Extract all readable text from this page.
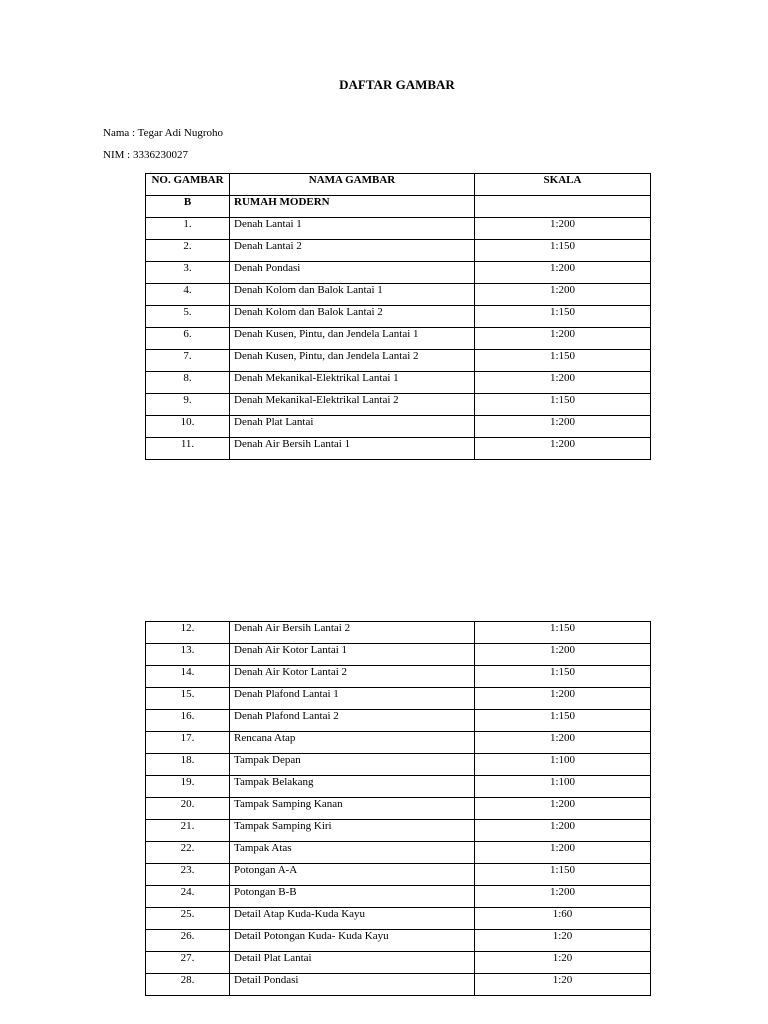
DAFTAR GAMBAR
Nama : Tegar Adi Nugroho
NIM : 3336230027
NO. GAMBAR	NAMA GAMBAR	SKALA
B	RUMAH MODERN	
1.	Denah Lantai 1	1:200
2.	Denah Lantai 2	1:150
3.	Denah Pondasi	1:200
4.	Denah Kolom dan Balok Lantai 1	1:200
5.	Denah Kolom dan Balok Lantai 2	1:150
6.	Denah Kusen, Pintu, dan Jendela Lantai 1	1:200
7.	Denah Kusen, Pintu, dan Jendela Lantai 2	1:150
8.	Denah Mekanikal-Elektrikal Lantai 1	1:200
9.	Denah Mekanikal-Elektrikal Lantai 2	1:150
10.	Denah Plat Lantai	1:200
11.	Denah Air Bersih Lantai 1	1:200
12.	Denah Air Bersih Lantai 2	1:150
13.	Denah Air Kotor Lantai 1	1:200
14.	Denah Air Kotor Lantai 2	1:150
15.	Denah Plafond Lantai 1	1:200
16.	Denah Plafond Lantai 2	1:150
17.	Rencana Atap	1:200
18.	Tampak Depan	1:100
19.	Tampak Belakang	1:100
20.	Tampak Samping Kanan	1:200
21.	Tampak Samping Kiri	1:200
22.	Tampak Atas	1:200
23.	Potongan A-A	1:150
24.	Potongan B-B	1:200
25.	Detail Atap Kuda-Kuda Kayu	1:60
26.	Detail Potongan Kuda- Kuda Kayu	1:20
27.	Detail Plat Lantai	1:20
28.	Detail Pondasi	1:20
